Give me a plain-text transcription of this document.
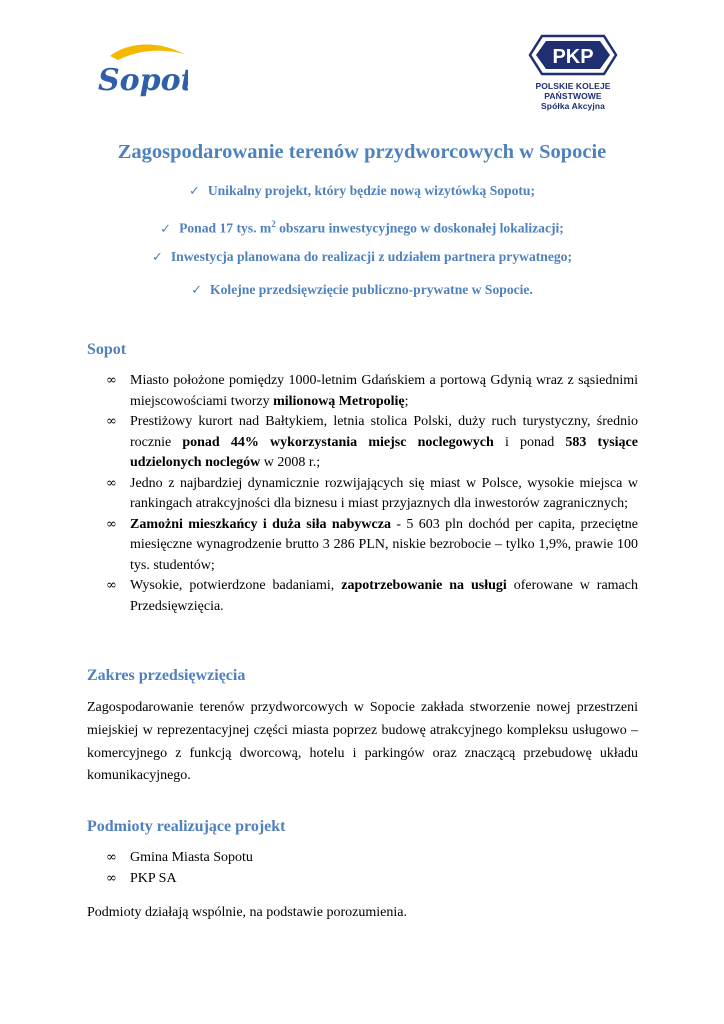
Sopot
PKP
POLSKIE KOLEJE PAŃSTWOWE
Spółka Akcyjna
Zagospodarowanie terenów przydworcowych w Sopocie
✓ Unikalny projekt, który będzie nową wizytówką Sopotu;
✓ Ponad 17 tys. $m^2$ obszaru inwestycyjnego w doskonałej lokalizacji;
✓ Inwestycja planowana do realizacji z udziałem partnera prywatnego;
✓ Kolejne przedsięwzięcie publiczno-prywatne w Sopocie.
Sopot
∞ Miasto położone pomiędzy 1000-letnim Gdańskiem a portową Gdynią wraz z sąsiednimi miejscowościami tworzy milionową Metropolię;
∞ Prestiżowy kurort nad Bałtykiem, letnia stolica Polski, duży ruch turystyczny, średnio rocznie ponad 44% wykorzystania miejsc noclegowych i ponad 583 tysiące udzielonych noclegów w 2008 r.;
∞ Jedno z najbardziej dynamicznie rozwijających się miast w Polsce, wysokie miejsca w rankingach atrakcyjności dla biznesu i miast przyjaznych dla inwestorów zagranicznych;
∞ Zamożni mieszkańcy i duża siła nabywcza - 5 603 pln dochód per capita, przeciętne miesięczne wynagrodzenie brutto 3 286 PLN, niskie bezrobocie – tylko 1,9%, prawie 100 tys. studentów;
∞ Wysokie, potwierdzone badaniami, zapotrzebowanie na usługi oferowane w ramach Przedsięwzięcia.
Zakres przedsięwzięcia

Zagospodarowanie terenów przydworcowych w Sopocie zakłada stworzenie nowej przestrzeni miejskiej w reprezentacyjnej części miasta poprzez budowę atrakcyjnego kompleksu usługowo – komercyjnego z funkcją dworcową, hotelu i parkingów oraz znaczącą przebudowę układu komunikacyjnego.

Podmioty realizujące projekt
∞ Gmina Miasta Sopotu
∞ PKP SA

Podmioty działają wspólnie, na podstawie porozumienia.
